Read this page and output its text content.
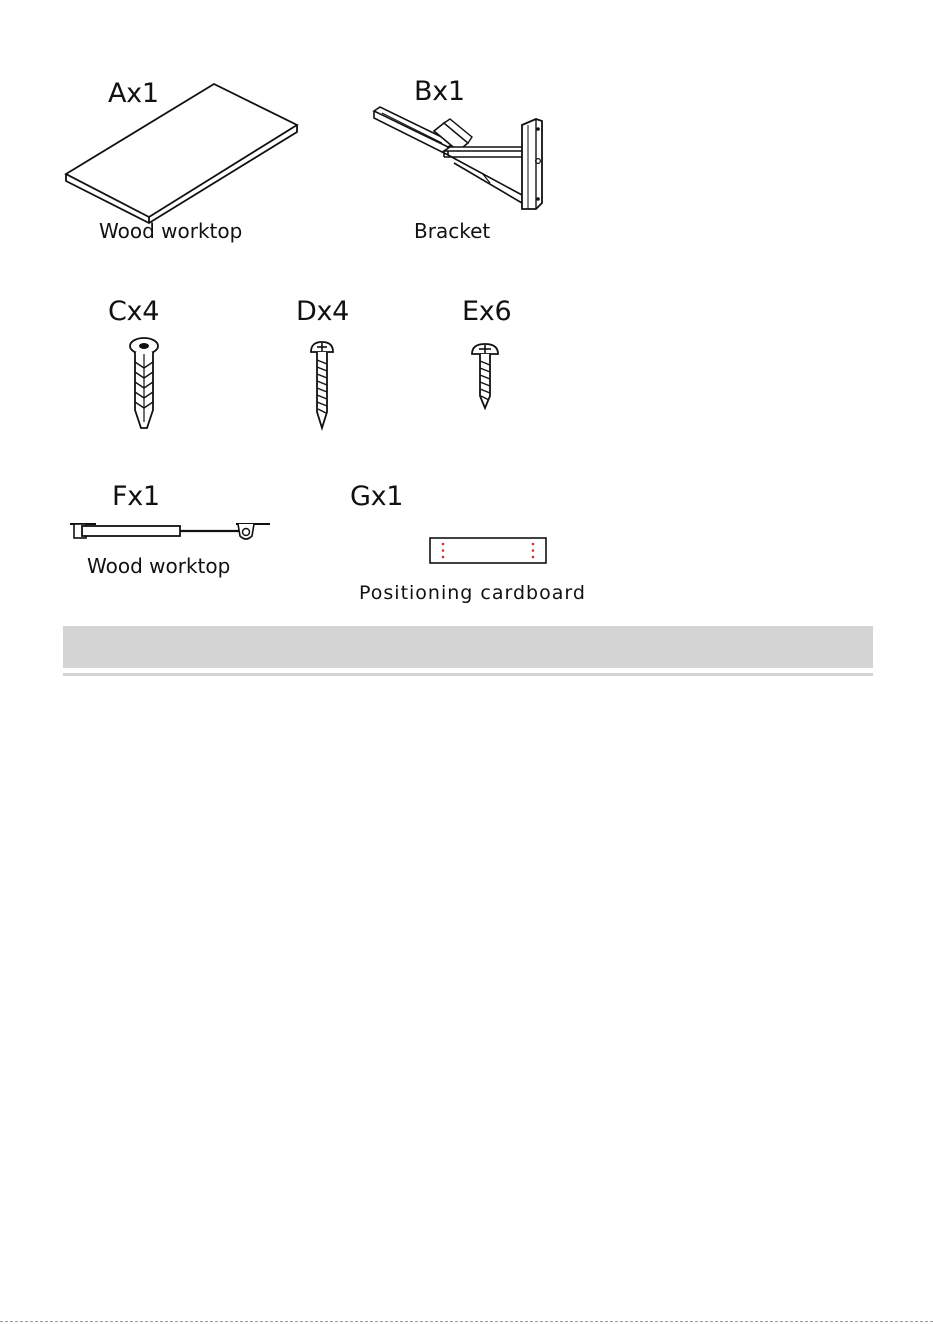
Ax1
Wood worktop
Bx1
Bracket
Cx4	Dx4	Ex6
Fx1
Wood worktop
Gx1
Positioning cardboard
